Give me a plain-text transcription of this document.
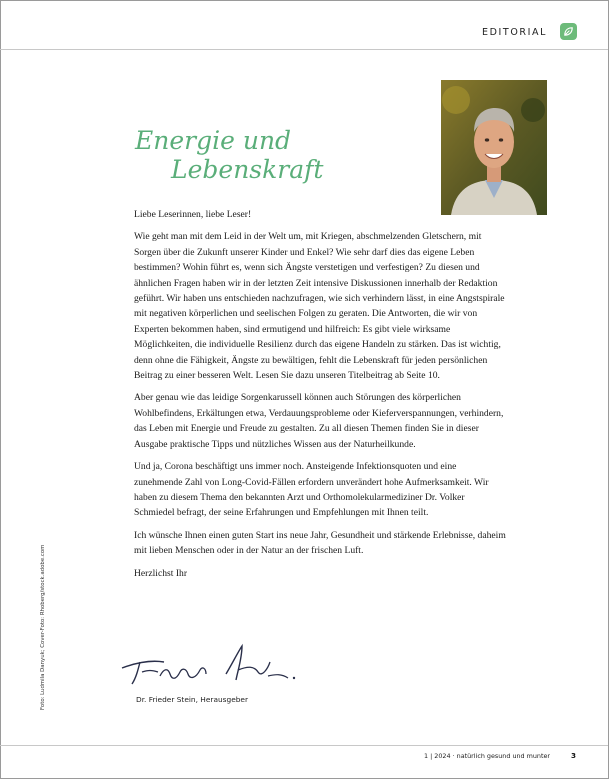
EDITORIAL
Energie und
Lebenskraft

Liebe Leserinnen, liebe Leser!

Wie geht man mit dem Leid in der Welt um, mit Kriegen, abschmelzenden Gletschern, mit Sorgen über die Zukunft unserer Kinder und Enkel? Wie sehr darf dies das eigene Leben bestimmen? Wohin führt es, wenn sich Ängste verstetigen und verfestigen? Zu diesen und ähnlichen Fragen haben wir in der letzten Zeit intensive Diskussionen innerhalb der Redaktion geführt. Wir haben uns entschieden nachzufragen, wie sich verhindern lässt, in eine Angstspirale mit negativen körperlichen und seelischen Folgen zu geraten. Die Antworten, die wir von Experten bekommen haben, sind ermutigend und hilfreich: Es gibt viele wirksame Möglichkeiten, die individuelle Resilienz durch das eigene Handeln zu stärken. Das ist wichtig, denn ohne die Fähigkeit, Ängste zu bewältigen, fehlt die Lebenskraft für jeden persönlichen Beitrag zu einer besseren Welt. Lesen Sie dazu unseren Titelbeitrag ab Seite 10.

Aber genau wie das leidige Sorgenkarussell können auch Störungen des körperlichen Wohlbefindens, Erkältungen etwa, Verdauungsprobleme oder Kieferverspannungen, verhindern, das Leben mit Energie und Freude zu gestalten. Zu all diesen Themen finden Sie in dieser Ausgabe praktische Tipps und nützliches Wissen aus der Naturheilkunde.

Und ja, Corona beschäftigt uns immer noch. Ansteigende Infektionsquoten und eine zunehmende Zahl von Long-Covid-Fällen erfordern unverändert hohe Aufmerksamkeit. Wir haben zu diesem Thema den bekannten Arzt und Orthomolekularmediziner Dr. Volker Schmiedel befragt, der seine Erfahrungen und Empfehlungen mit Ihnen teilt.

Ich wünsche Ihnen einen guten Start ins neue Jahr, Gesundheit und stärkende Erlebnisse, daheim mit lieben Menschen oder in der Natur an der frischen Luft.

Herzlichst Ihr

Dr. Frieder Stein, Herausgeber
Foto: Ludmila Danyuk; Cover-Foto: Rhoberg/stock.adobe.com
1 | 2024 · natürlich gesund und munter	3
